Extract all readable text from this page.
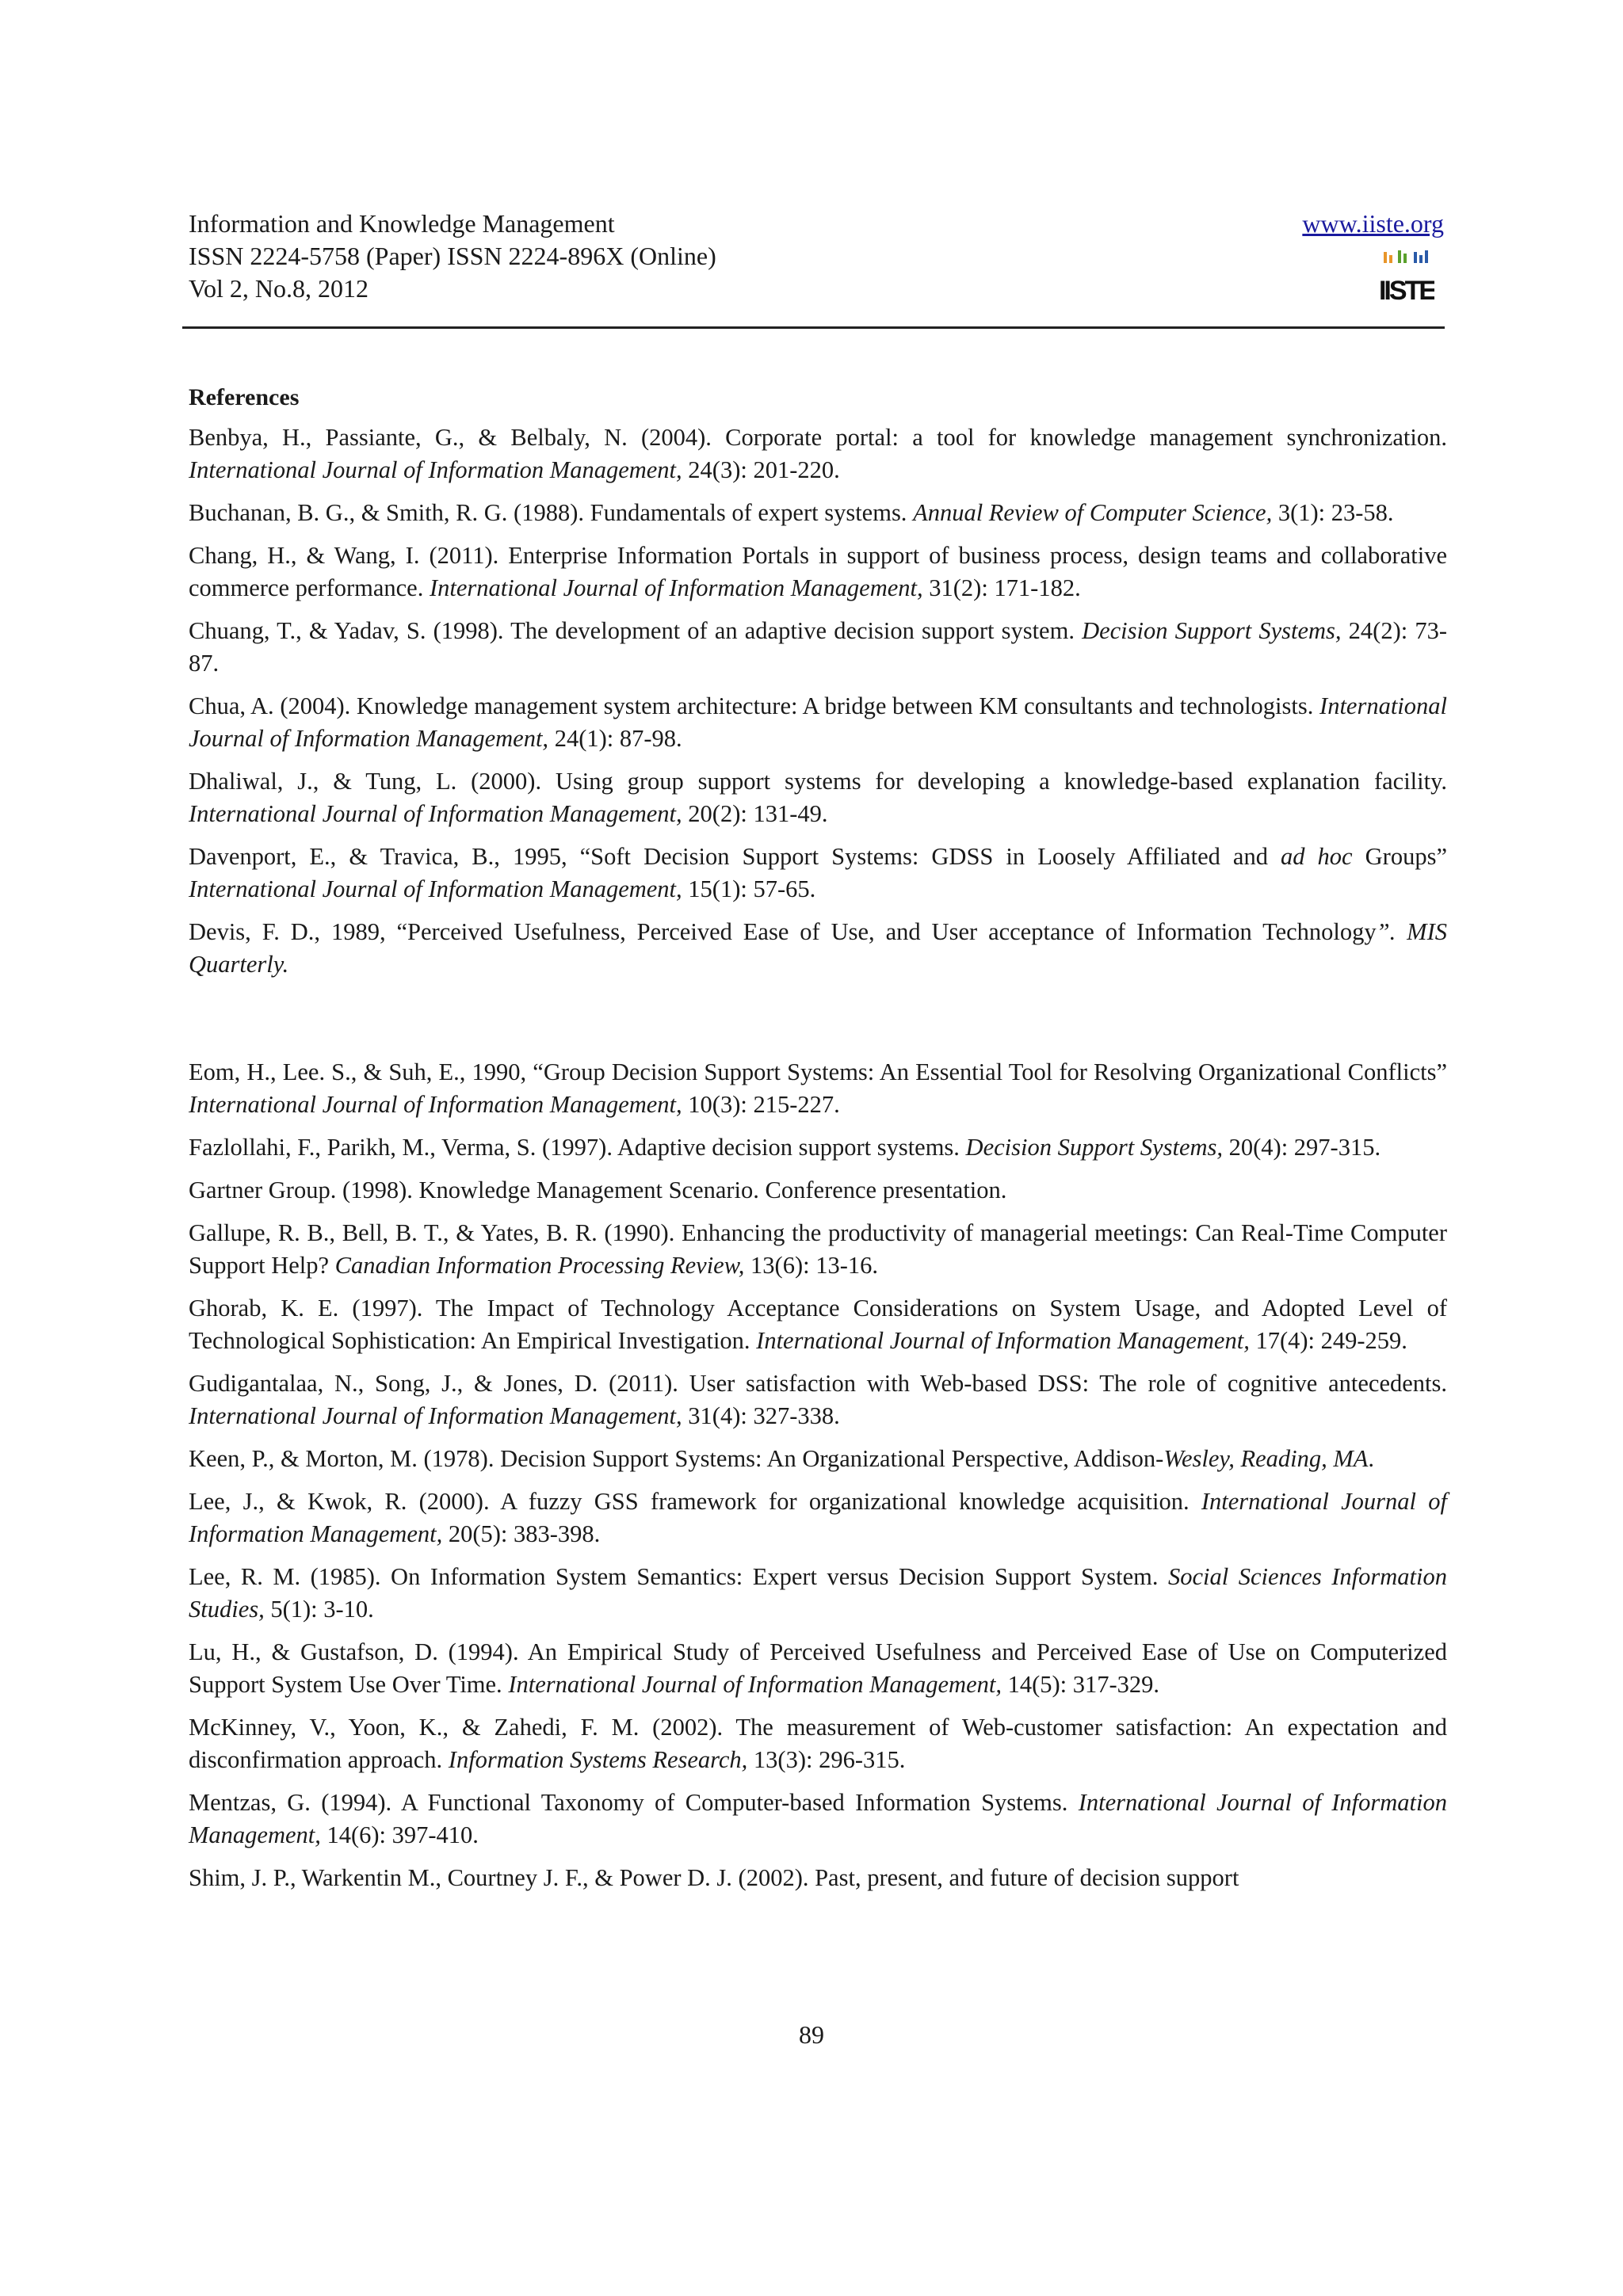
Information and Knowledge Management
ISSN 2224-5758 (Paper) ISSN 2224-896X (Online)
Vol 2, No.8, 2012
www.iiste.org
IISTE
References

Benbya, H., Passiante, G., & Belbaly, N. (2004). Corporate portal: a tool for knowledge management synchronization. International Journal of Information Management, 24(3): 201-220.

Buchanan, B. G., & Smith, R. G. (1988). Fundamentals of expert systems. Annual Review of Computer Science, 3(1): 23-58.

Chang, H., & Wang, I. (2011). Enterprise Information Portals in support of business process, design teams and collaborative commerce performance. International Journal of Information Management, 31(2): 171-182.

Chuang, T., & Yadav, S. (1998). The development of an adaptive decision support system. Decision Support Systems, 24(2): 73-87.

Chua, A. (2004). Knowledge management system architecture: A bridge between KM consultants and technologists. International Journal of Information Management, 24(1): 87-98.

Dhaliwal, J., & Tung, L. (2000). Using group support systems for developing a knowledge-based explanation facility. International Journal of Information Management, 20(2): 131-49.

Davenport, E., & Travica, B., 1995, “Soft Decision Support Systems: GDSS in Loosely Affiliated and ad hoc Groups” International Journal of Information Management, 15(1): 57-65.

Devis, F. D., 1989, “Perceived Usefulness, Perceived Ease of Use, and User acceptance of Information Technology”. MIS Quarterly.

Eom, H., Lee. S., & Suh, E., 1990, “Group Decision Support Systems: An Essential Tool for Resolving Organizational Conflicts” International Journal of Information Management, 10(3): 215-227.

Fazlollahi, F., Parikh, M., Verma, S. (1997). Adaptive decision support systems. Decision Support Systems, 20(4): 297-315.

Gartner Group. (1998). Knowledge Management Scenario. Conference presentation.

Gallupe, R. B., Bell, B. T., & Yates, B. R. (1990). Enhancing the productivity of managerial meetings: Can Real-Time Computer Support Help? Canadian Information Processing Review, 13(6): 13-16.

Ghorab, K. E. (1997). The Impact of Technology Acceptance Considerations on System Usage, and Adopted Level of Technological Sophistication: An Empirical Investigation. International Journal of Information Management, 17(4): 249-259.

Gudigantalaa, N., Song, J., & Jones, D. (2011). User satisfaction with Web-based DSS: The role of cognitive antecedents. International Journal of Information Management, 31(4): 327-338.

Keen, P., & Morton, M. (1978). Decision Support Systems: An Organizational Perspective, Addison-Wesley, Reading, MA.

Lee, J., & Kwok, R. (2000). A fuzzy GSS framework for organizational knowledge acquisition. International Journal of Information Management, 20(5): 383-398.

Lee, R. M. (1985). On Information System Semantics: Expert versus Decision Support System. Social Sciences Information Studies, 5(1): 3-10.

Lu, H., & Gustafson, D. (1994). An Empirical Study of Perceived Usefulness and Perceived Ease of Use on Computerized Support System Use Over Time. International Journal of Information Management, 14(5): 317-329.

McKinney, V., Yoon, K., & Zahedi, F. M. (2002). The measurement of Web-customer satisfaction: An expectation and disconfirmation approach. Information Systems Research, 13(3): 296-315.

Mentzas, G. (1994). A Functional Taxonomy of Computer-based Information Systems. International Journal of Information Management, 14(6): 397-410.

Shim, J. P., Warkentin M., Courtney J. F., & Power D. J. (2002). Past, present, and future of decision support

89
